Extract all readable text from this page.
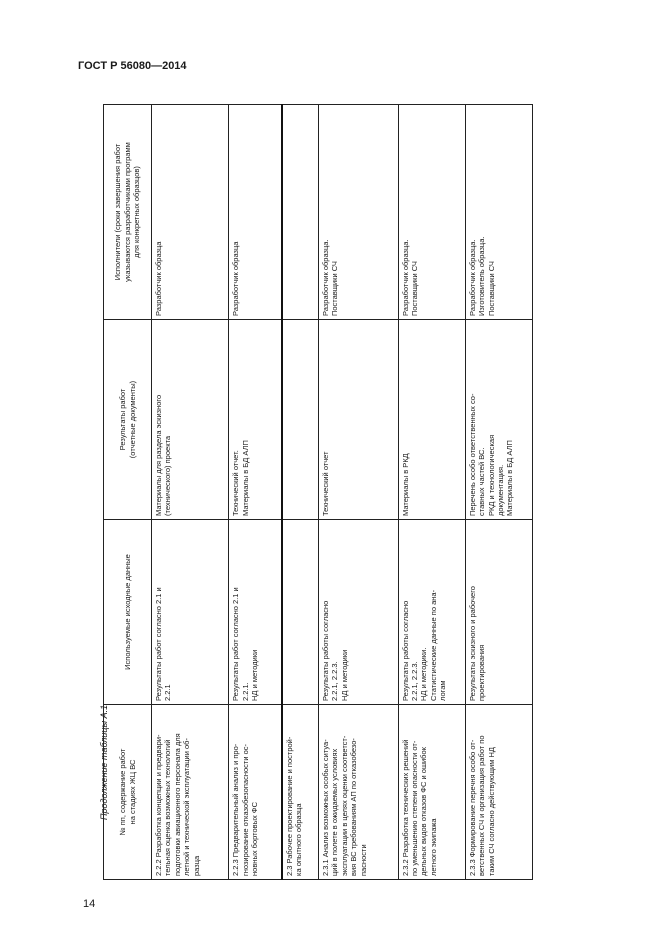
ГОСТ Р 56080—2014
14
Продолжение таблицы А.1
№ пп, содержание работ
на стадиях ЖЦ ВС	Используемые исходные данные	Результаты работ
(отчетные документы)	Исполнители (сроки завершения работ
указываются разработчиками программ
для конкретных образцов)

2.2.2 Разработка концепции и предвари-
тельная оценка возможных технологий
подготовки авиационного персонала для
летной и технической эксплуатации об-
разца	Результаты работ согласно 2.1 и
2.2.1	Материалы для раздела эскизного
(технического) проекта	Разработчик образца

2.2.3 Предварительный анализ и про-
гнозирование отказобезопасности ос-
новных бортовых ФС	Результаты работ согласно 2.1 и
2.2.1.
НД и методики	Технический отчет.
Материалы в БД АЛП	Разработчик образца

2.3 Рабочее проектирование и построй-
ка опытного образца			

2.3.1 Анализ возможных особых ситуа-
ций в полете в ожидаемых условиях
эксплуатации в целях оценки соответст-
вия ВС требованиям АП по отказобезо-
пасности	Результаты работы согласно
2.2.1, 2.2.3.
НД и методики	Технический отчет	Разработчик образца.
Поставщики СЧ

2.3.2 Разработка технических решений
по уменьшению степени опасности от-
дельных видов отказов ФС и ошибок
летного экипажа	Результаты работы согласно
2.2.1, 2.2.3.
НД и методики.
Статистические данные по ана-
логам	Материалы в РКД	Разработчик образца.
Поставщики СЧ

2.3.3 Формирование перечня особо от-
ветственных СЧ и организация работ по
таким СЧ согласно действующим НД	Результаты эскизного и рабочего
проектирования	Перечень особо ответственных со-
ставных частей ВС.
РКД и технологическая
документация.
Материалы в БД АЛП	Разработчик образца.
Изготовитель образца.
Поставщики СЧ
